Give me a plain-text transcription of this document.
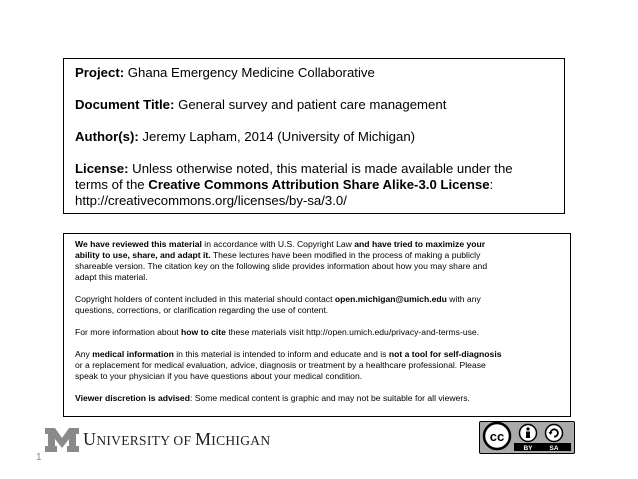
Project: Ghana Emergency Medicine Collaborative
Document Title: General survey and patient care management
Author(s): Jeremy Lapham, 2014 (University of Michigan)
License: Unless otherwise noted, this material is made available under the
terms of the Creative Commons Attribution Share Alike-3.0 License:
http://creativecommons.org/licenses/by-sa/3.0/

We have reviewed this material in accordance with U.S. Copyright Law and have tried to maximize your
ability to use, share, and adapt it. These lectures have been modified in the process of making a publicly
shareable version. The citation key on the following slide provides information about how you may share and
adapt this material.

Copyright holders of content included in this material should contact open.michigan@umich.edu with any
questions, corrections, or clarification regarding the use of content.

For more information about how to cite these materials visit http://open.umich.edu/privacy-and-terms-use.

Any medical information in this material is intended to inform and educate and is not a tool for self-diagnosis
or a replacement for medical evaluation, advice, diagnosis or treatment by a healthcare professional. Please
speak to your physician if you have questions about your medical condition.

Viewer discretion is advised: Some medical content is graphic and may not be suitable for all viewers.

UNIVERSITY OF MICHIGAN	cc
BY	SA
1
